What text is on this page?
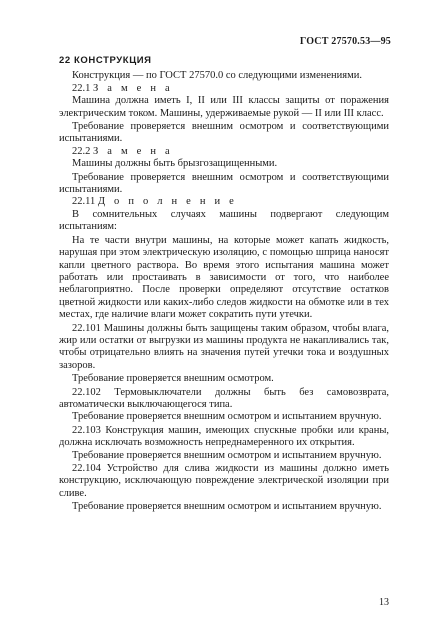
ГОСТ 27570.53—95
22 КОНСТРУКЦИЯ

Конструкция — по ГОСТ 27570.0 со следующими изменениями.

22.1 З а м е н а

Машина должна иметь I, II или III классы защиты от поражения электрическим током. Машины, удерживаемые рукой — II или III класс.

Требование проверяется внешним осмотром и соответствующими испытаниями.

22.2 З а м е н а

Машины должны быть брызгозащищенными.

Требование проверяется внешним осмотром и соответствующими испытаниями.

22.11 Д о п о л н е н и е

В сомнительных случаях машины подвергают следующим испытаниям:

На те части внутри машины, на которые может капать жидкость, нарушая при этом электрическую изоляцию, с помощью шприца наносят капли цветного раствора. Во время этого испытания машина может работать или простаивать в зависимости от того, что наиболее неблагоприятно. После проверки определяют отсутствие остатков цветной жидкости или каких-либо следов жидкости на обмотке или в тех местах, где наличие влаги может сократить пути утечки.

22.101 Машины должны быть защищены таким образом, чтобы влага, жир или остатки от выгрузки из машины продукта не накапливались так, чтобы отрицательно влиять на значения путей утечки тока и воздушных зазоров.

Требование проверяется внешним осмотром.

22.102 Термовыключатели должны быть без самовозврата, автоматически выключающегося типа.

Требование проверяется внешним осмотром и испытанием вручную.

22.103 Конструкция машин, имеющих спускные пробки или краны, должна исключать возможность непреднамеренного их открытия.

Требование проверяется внешним осмотром и испытанием вручную.

22.104 Устройство для слива жидкости из машины должно иметь конструкцию, исключающую повреждение электрической изоляции при сливе.

Требование проверяется внешним осмотром и испытанием вручную.

13
